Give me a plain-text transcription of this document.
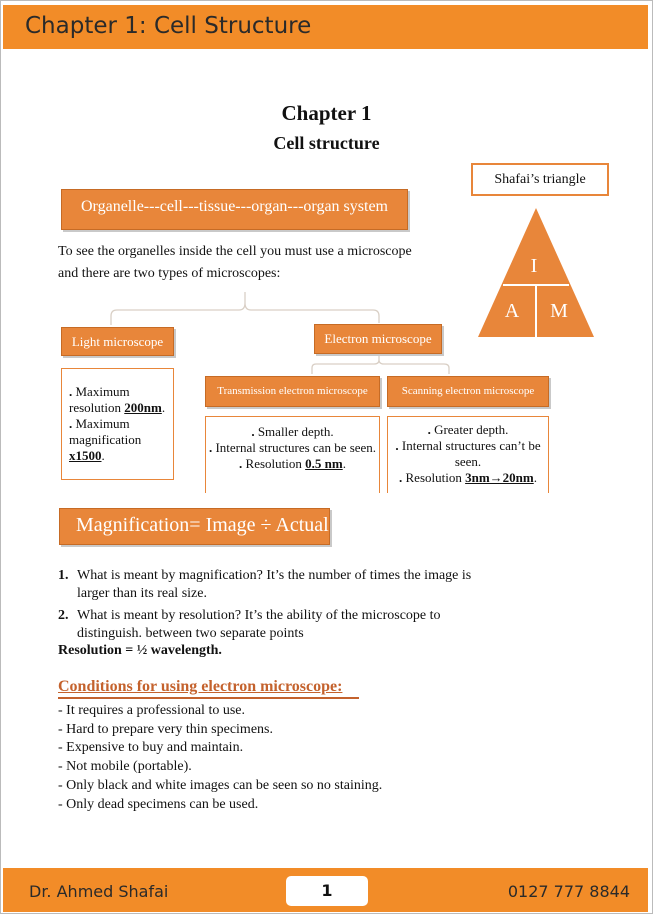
Chapter 1: Cell Structure
Chapter 1
Cell structure
Shafai’s triangle
I
A M
Organelle---cell---tissue---organ---organ system
To see the organelles inside the cell you must use a microscope
and there are two types of microscopes:
Light microscope	Electron microscope
Transmission electron microscope	Scanning electron microscope
. Maximum resolution 200nm.
. Maximum magnification x1500.
. Smaller depth.
. Internal structures can be seen.
. Resolution 0.5 nm.
. Greater depth.
. Internal structures can’t be seen.
. Resolution 3nm→20nm.
Magnification= Image ÷ Actual
1. What is meant by magnification? It’s the number of times the image is
larger than its real size.
2. What is meant by resolution? It’s the ability of the microscope to
distinguish. between two separate points
Resolution = ½ wavelength.
Conditions for using electron microscope:
- It requires a professional to use.
- Hard to prepare very thin specimens.
- Expensive to buy and maintain.
- Not mobile (portable).
- Only black and white images can be seen so no staining.
- Only dead specimens can be used.
Dr. Ahmed Shafai	1	0127 777 8844
